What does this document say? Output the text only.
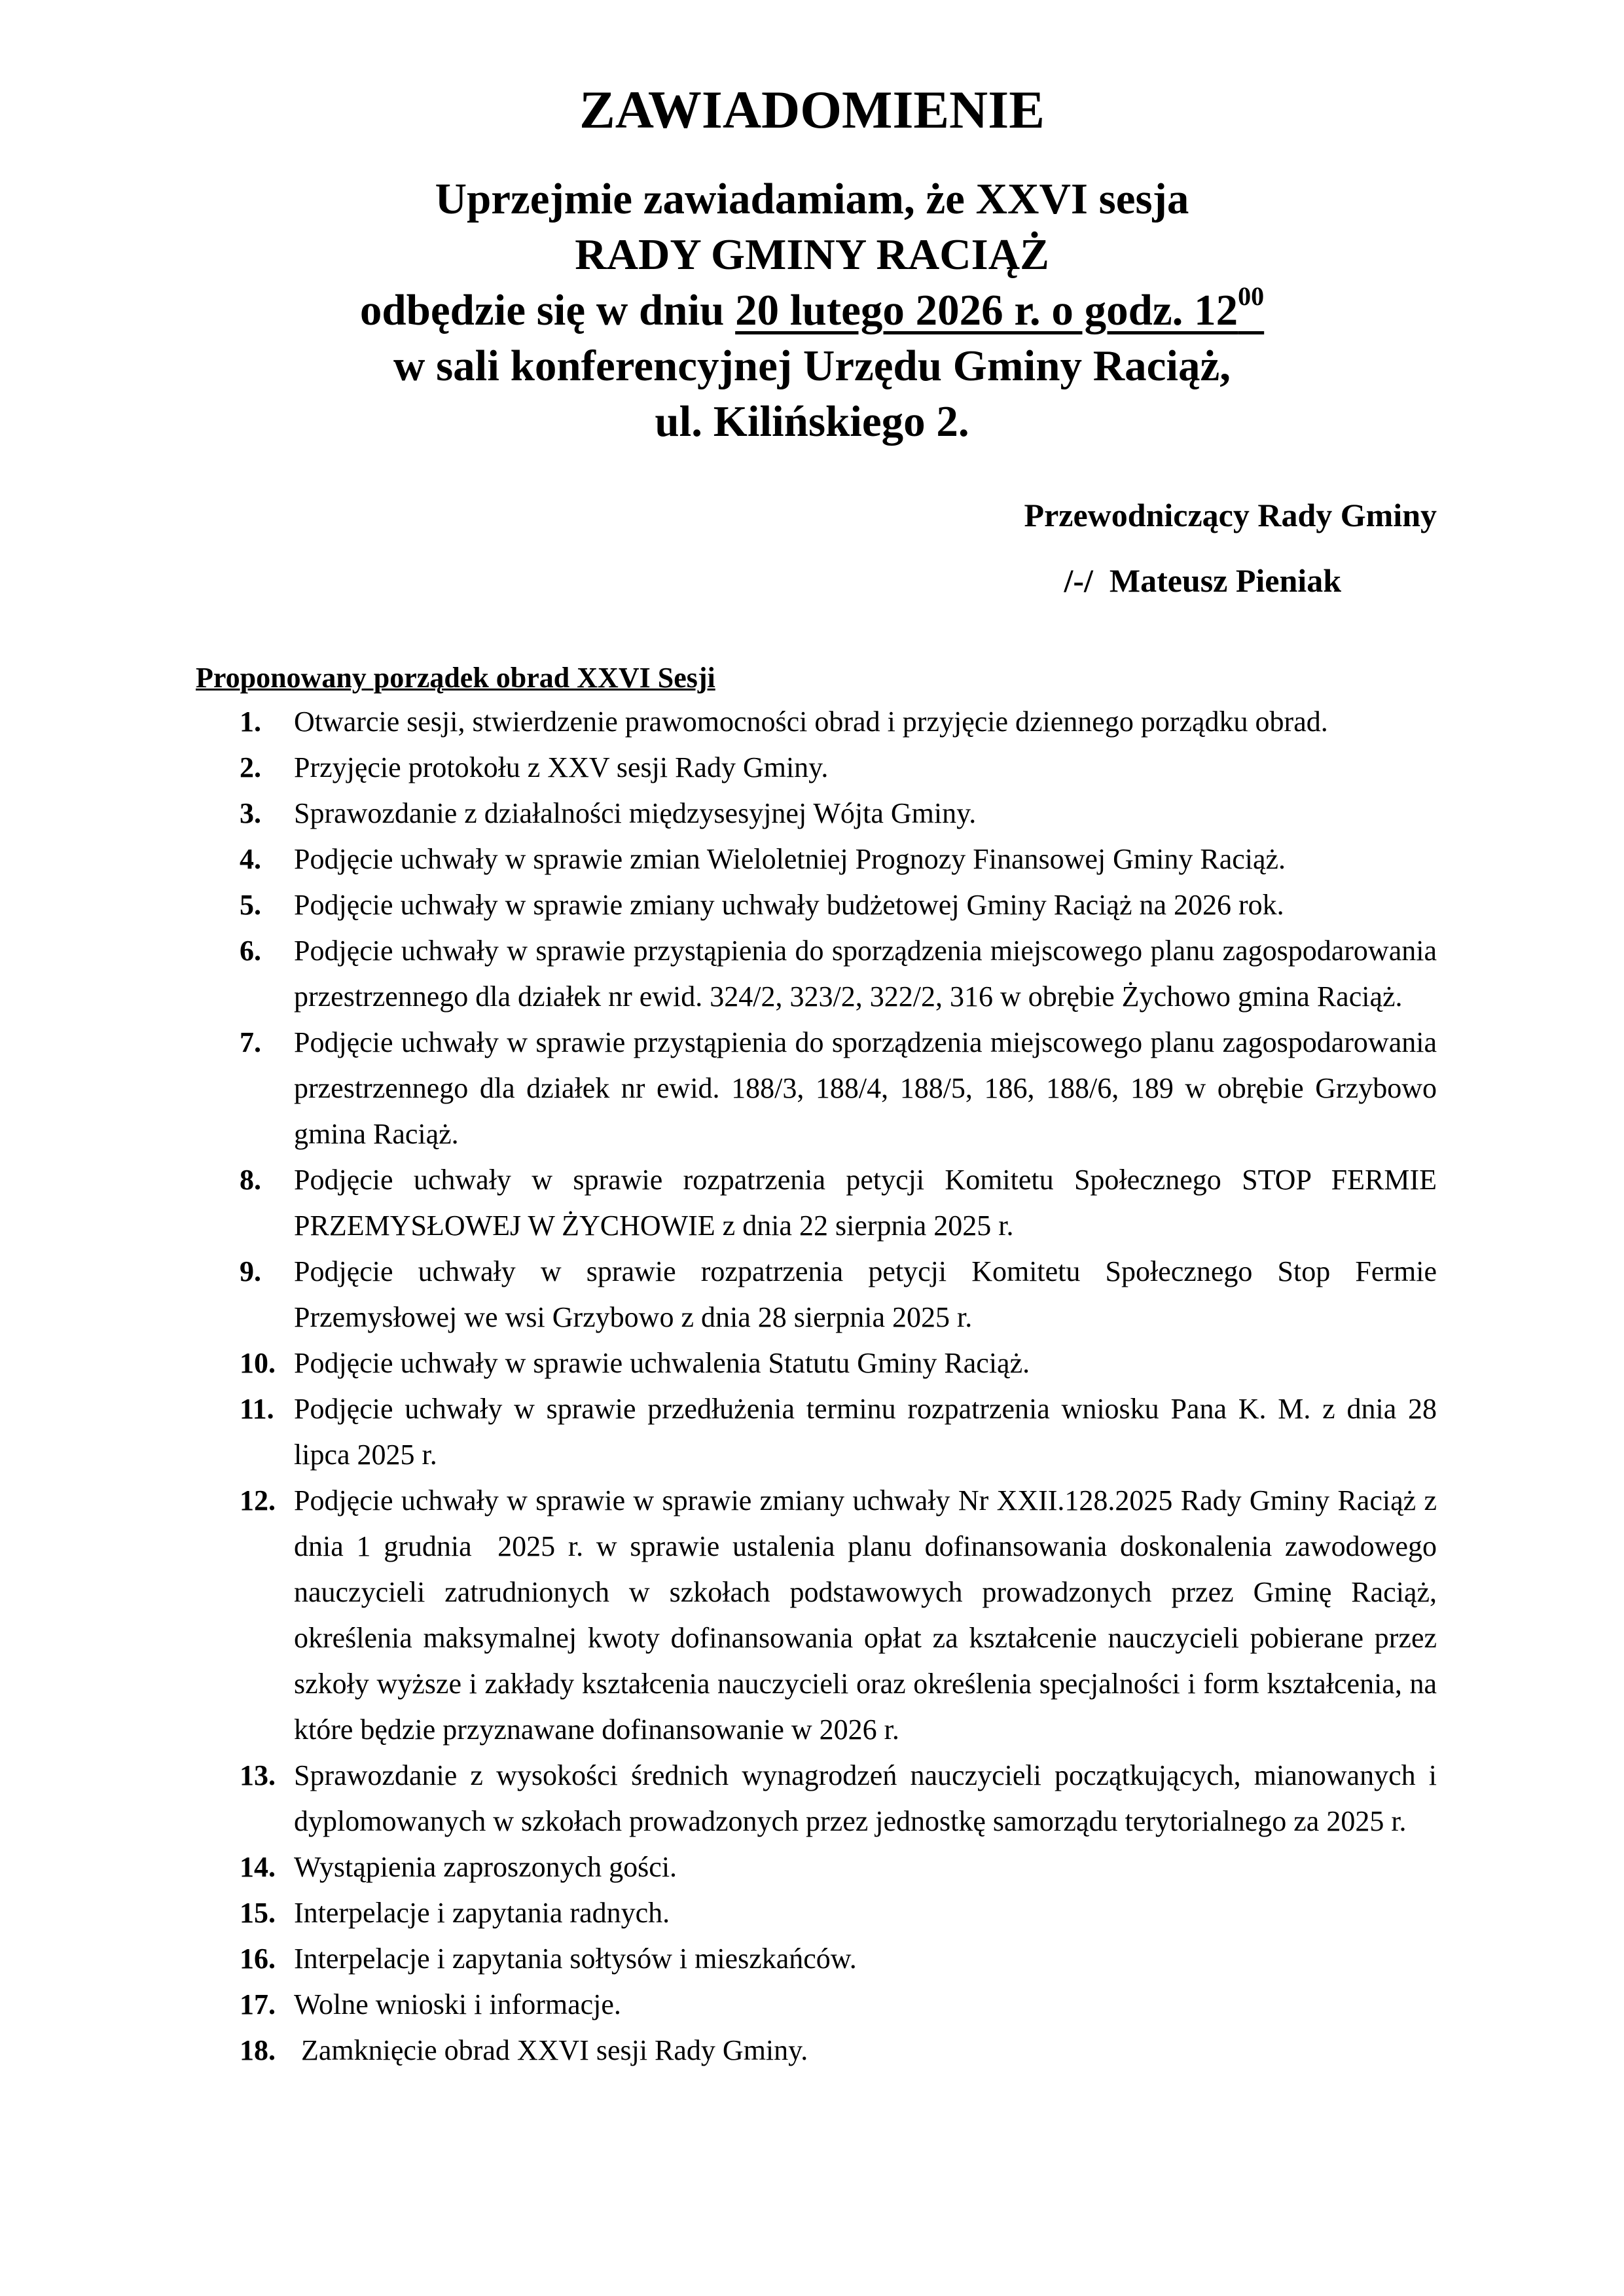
ZAWIADOMIENIE
Uprzejmie zawiadamiam, że XXVI sesja
RADY GMINY RACIĄŻ
odbędzie się w dniu 20 lutego 2026 r. o godz. $12^{00}$
w sali konferencyjnej Urzędu Gminy Raciąż,
ul. Kilińskiego 2.
Przewodniczący Rady Gminy
/-/  Mateusz Pieniak
Proponowany porządek obrad XXVI Sesji
1.	Otwarcie sesji, stwierdzenie prawomocności obrad i przyjęcie dziennego porządku obrad.
2.	Przyjęcie protokołu z XXV sesji Rady Gminy.
3.	Sprawozdanie z działalności międzysesyjnej Wójta Gminy.
4.	Podjęcie uchwały w sprawie zmian Wieloletniej Prognozy Finansowej Gminy Raciąż.
5.	Podjęcie uchwały w sprawie zmiany uchwały budżetowej Gminy Raciąż na 2026 rok.
6.	Podjęcie uchwały w sprawie przystąpienia do sporządzenia miejscowego planu zagospodarowania przestrzennego dla działek nr ewid. 324/2, 323/2, 322/2, 316 w obrębie Żychowo gmina Raciąż.
7.	Podjęcie uchwały w sprawie przystąpienia do sporządzenia miejscowego planu zagospodarowania przestrzennego dla działek nr ewid. 188/3, 188/4, 188/5, 186, 188/6, 189 w obrębie Grzybowo gmina Raciąż.
8.	Podjęcie uchwały w sprawie rozpatrzenia petycji Komitetu Społecznego STOP FERMIE PRZEMYSŁOWEJ W ŻYCHOWIE z dnia 22 sierpnia 2025 r.
9.	Podjęcie uchwały w sprawie rozpatrzenia petycji Komitetu Społecznego Stop Fermie Przemysłowej we wsi Grzybowo z dnia 28 sierpnia 2025 r.
10. Podjęcie uchwały w sprawie uchwalenia Statutu Gminy Raciąż.
11. Podjęcie uchwały w sprawie przedłużenia terminu rozpatrzenia wniosku Pana K. M. z dnia 28 lipca 2025 r.
12. Podjęcie uchwały w sprawie w sprawie zmiany uchwały Nr XXII.128.2025 Rady Gminy Raciąż z dnia 1 grudnia  2025 r. w sprawie ustalenia planu dofinansowania doskonalenia zawodowego nauczycieli zatrudnionych w szkołach podstawowych prowadzonych przez Gminę Raciąż, określenia maksymalnej kwoty dofinansowania opłat za kształcenie nauczycieli pobierane przez szkoły wyższe i zakłady kształcenia nauczycieli oraz określenia specjalności i form kształcenia, na które będzie przyznawane dofinansowanie w 2026 r.
13. Sprawozdanie z wysokości średnich wynagrodzeń nauczycieli początkujących, mianowanych i dyplomowanych w szkołach prowadzonych przez jednostkę samorządu terytorialnego za 2025 r.
14. Wystąpienia zaproszonych gości.
15. Interpelacje i zapytania radnych.
16. Interpelacje i zapytania sołtysów i mieszkańców.
17. Wolne wnioski i informacje.
18. Zamknięcie obrad XXVI sesji Rady Gminy.
